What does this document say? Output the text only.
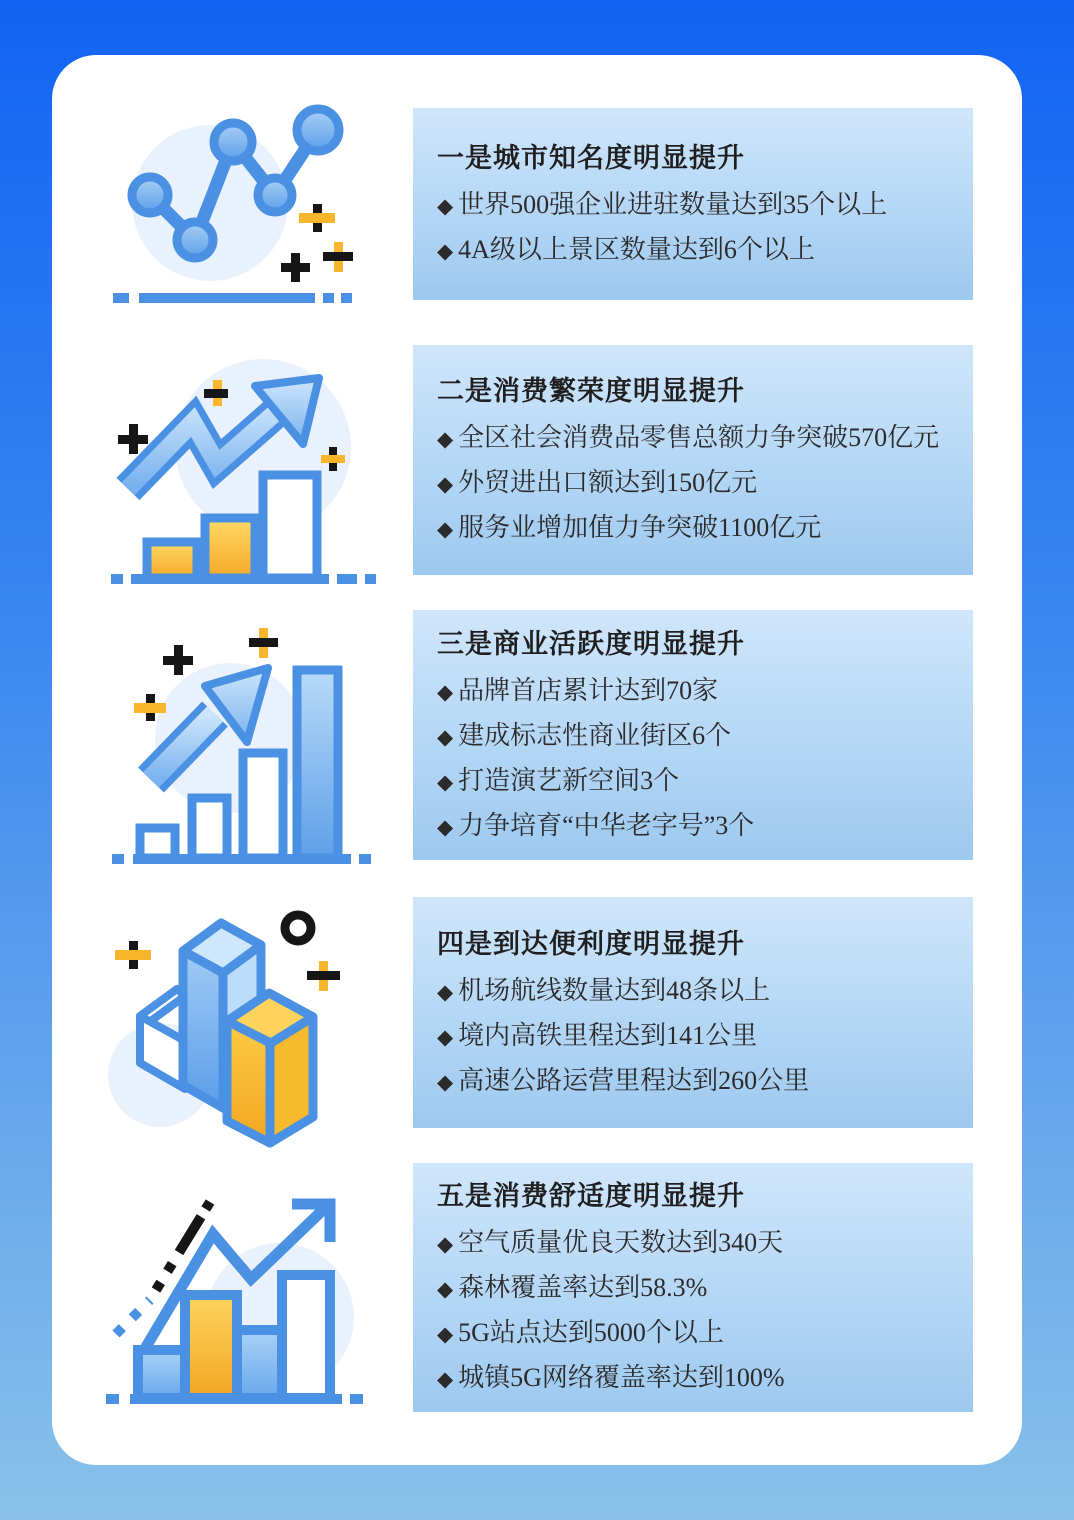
一是城市知名度明显提升
◆ 世界500强企业进驻数量达到35个以上
◆ 4A级以上景区数量达到6个以上
二是消费繁荣度明显提升
◆ 全区社会消费品零售总额力争突破570亿元
◆ 外贸进出口额达到150亿元
◆ 服务业增加值力争突破1100亿元
三是商业活跃度明显提升
◆ 品牌首店累计达到70家
◆ 建成标志性商业街区6个
◆ 打造演艺新空间3个
◆ 力争培育“中华老字号”3个
四是到达便利度明显提升
◆ 机场航线数量达到48条以上
◆ 境内高铁里程达到141公里
◆ 高速公路运营里程达到260公里
五是消费舒适度明显提升
◆ 空气质量优良天数达到340天
◆ 森林覆盖率达到58.3%
◆ 5G站点达到5000个以上
◆ 城镇5G网络覆盖率达到100%
